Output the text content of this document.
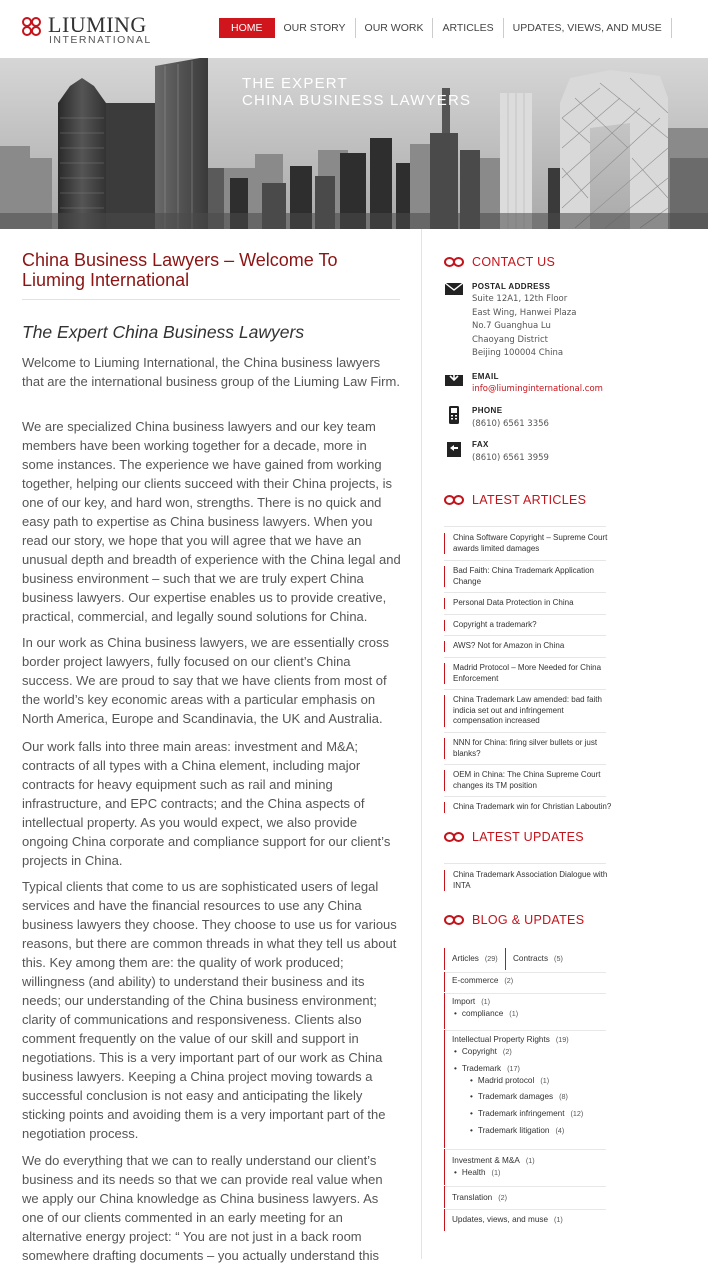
LIUMING
INTERNATIONAL
HOME	OUR STORY	OUR WORK	ARTICLES	UPDATES, VIEWS, AND MUSE
THE EXPERT
CHINA BUSINESS LAWYERS
China Business Lawyers – Welcome To Liuming International
The Expert China Business Lawyers
Welcome to Liuming International, the China business lawyers that are the international business group of the Liuming Law Firm.
We are specialized China business lawyers and our key team members have been working together for a decade, more in some instances. The experience we have gained from working together, helping our clients succeed with their China projects, is one of our key, and hard won, strengths. There is no quick and easy path to expertise as China business lawyers. When you read our story, we hope that you will agree that we have an unusual depth and breadth of experience with the China legal and business environment – such that we are truly expert China business lawyers. Our expertise enables us to provide creative, practical, commercial, and legally sound solutions for China.
In our work as China business lawyers, we are essentially cross border project lawyers, fully focused on our client’s China success. We are proud to say that we have clients from most of the world’s key economic areas with a particular emphasis on North America, Europe and Scandinavia, the UK and Australia.
Our work falls into three main areas: investment and M&A; contracts of all types with a China element, including major contracts for heavy equipment such as rail and mining infrastructure, and EPC contracts; and the China aspects of intellectual property. As you would expect, we also provide ongoing China corporate and compliance support for our client’s projects in China.
Typical clients that come to us are sophisticated users of legal services and have the financial resources to use any China business lawyers they choose. They choose to use us for various reasons, but there are common threads in what they tell us about this. Key among them are: the quality of work produced; willingness (and ability) to understand their business and its needs; our understanding of the China business environment; clarity of communications and responsiveness. Clients also comment frequently on the value of our skill and support in negotiations. This is a very important part of our work as China business lawyers. Keeping a China project moving towards a successful conclusion is not easy and anticipating the likely sticking points and avoiding them is a very important part of the negotiation process.
We do everything that we can to really understand our client’s business and its needs so that we can provide real value when we apply our China knowledge as China business lawyers. As one of our clients commented in an early meeting for an alternative energy project: “ You are not just in a back room somewhere drafting documents – you actually understand this
CONTACT US
POSTAL ADDRESS
Suite 12A1, 12th Floor
East Wing, Hanwei Plaza
No.7 Guanghua Lu
Chaoyang District
Beijing 100004 China
EMAIL
info@liuminginternational.com
PHONE
(8610) 6561 3356
FAX
(8610) 6561 3959
LATEST ARTICLES
China Software Copyright – Supreme Court awards limited damages
Bad Faith: China Trademark Application Change
Personal Data Protection in China
Copyright a trademark?
AWS? Not for Amazon in China
Madrid Protocol – More Needed for China Enforcement
China Trademark Law amended: bad faith indicia set out and infringement compensation increased
NNN for China: firing silver bullets or just blanks?
OEM in China: The China Supreme Court changes its TM position
China Trademark win for Christian Laboutin?
LATEST UPDATES
China Trademark Association Dialogue with INTA
BLOG & UPDATES
Articles (29) Contracts (5)
E-commerce (2)
Import (1)
• compliance (1)
Intellectual Property Rights (19)
• Copyright (2)
• Trademark (17)
• Madrid protocol (1)
• Trademark damages (8)
• Trademark infringement (12)
• Trademark litigation (4)
Investment & M&A (1)
• Health (1)
Translation (2)
Updates, views, and muse (1)
